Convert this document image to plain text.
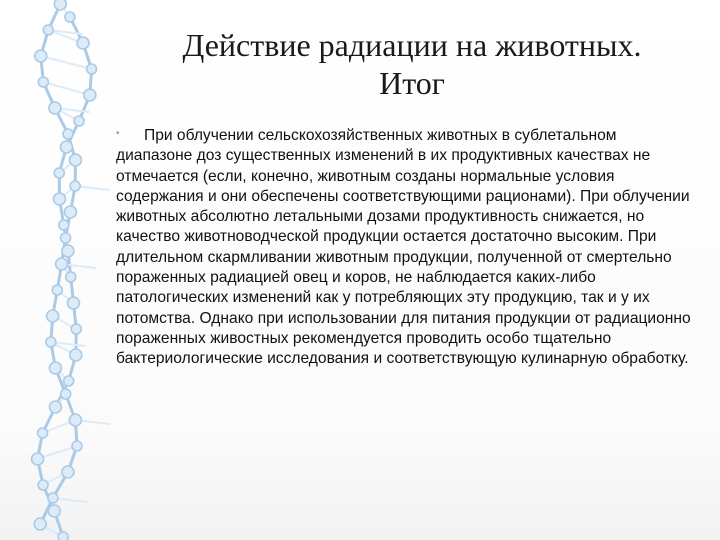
Действие радиации на животных.
Итог
•	При облучении сельскохозяйственных животных в сублетальном диапазоне доз существенных изменений в их продуктивных качествах не отмечается (если, конечно, животным созданы нормальные условия содержания и они обеспечены соответствующими рационами). При облучении животных абсолютно летальными дозами продуктивность снижается, но качество животноводческой продукции остается достаточно высоким. При длительном скармливании животным продукции, полученной от смертельно пораженных радиацией овец и коров, не наблюдается каких-либо патологических изменений как у потребляющих эту продукцию, так и у их потомства. Однако при использовании для питания продукции от радиационно пораженных живостных рекомендуется проводить особо тщательно бактериологические исследования и соответствующую кулинарную обработку.
